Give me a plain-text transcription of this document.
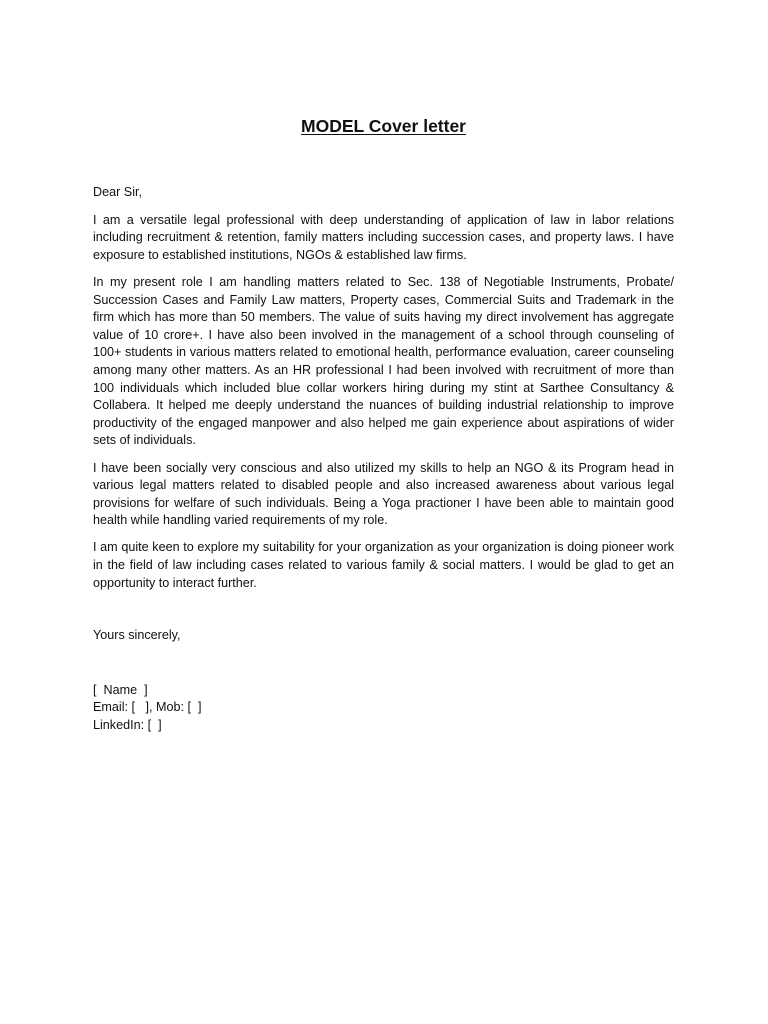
MODEL Cover letter

Dear Sir,

I am a versatile legal professional with deep understanding of application of law in labor relations including recruitment & retention, family matters including succession cases, and property laws. I have exposure to established institutions, NGOs & established law firms.

In my present role I am handling matters related to Sec. 138 of Negotiable Instruments, Probate/ Succession Cases and Family Law matters, Property cases, Commercial Suits and Trademark in the firm which has more than 50 members. The value of suits having my direct involvement has aggregate value of 10 crore+. I have also been involved in the management of a school through counseling of 100+ students in various matters related to emotional health, performance evaluation, career counseling among many other matters. As an HR professional I had been involved with recruitment of more than 100 individuals which included blue collar workers hiring during my stint at Sarthee Consultancy & Collabera. It helped me deeply understand the nuances of building industrial relationship to improve productivity of the engaged manpower and also helped me gain experience about aspirations of wider sets of individuals.

I have been socially very conscious and also utilized my skills to help an NGO & its Program head in various legal matters related to disabled people and also increased awareness about various legal provisions for welfare of such individuals. Being a Yoga practioner I have been able to maintain good health while handling varied requirements of my role.

I am quite keen to explore my suitability for your organization as your organization is doing pioneer work in the field of law including cases related to various family & social matters. I would be glad to get an opportunity to interact further.

Yours sincerely,

[  Name  ]
Email: [   ], Mob: [  ]
LinkedIn: [  ]
